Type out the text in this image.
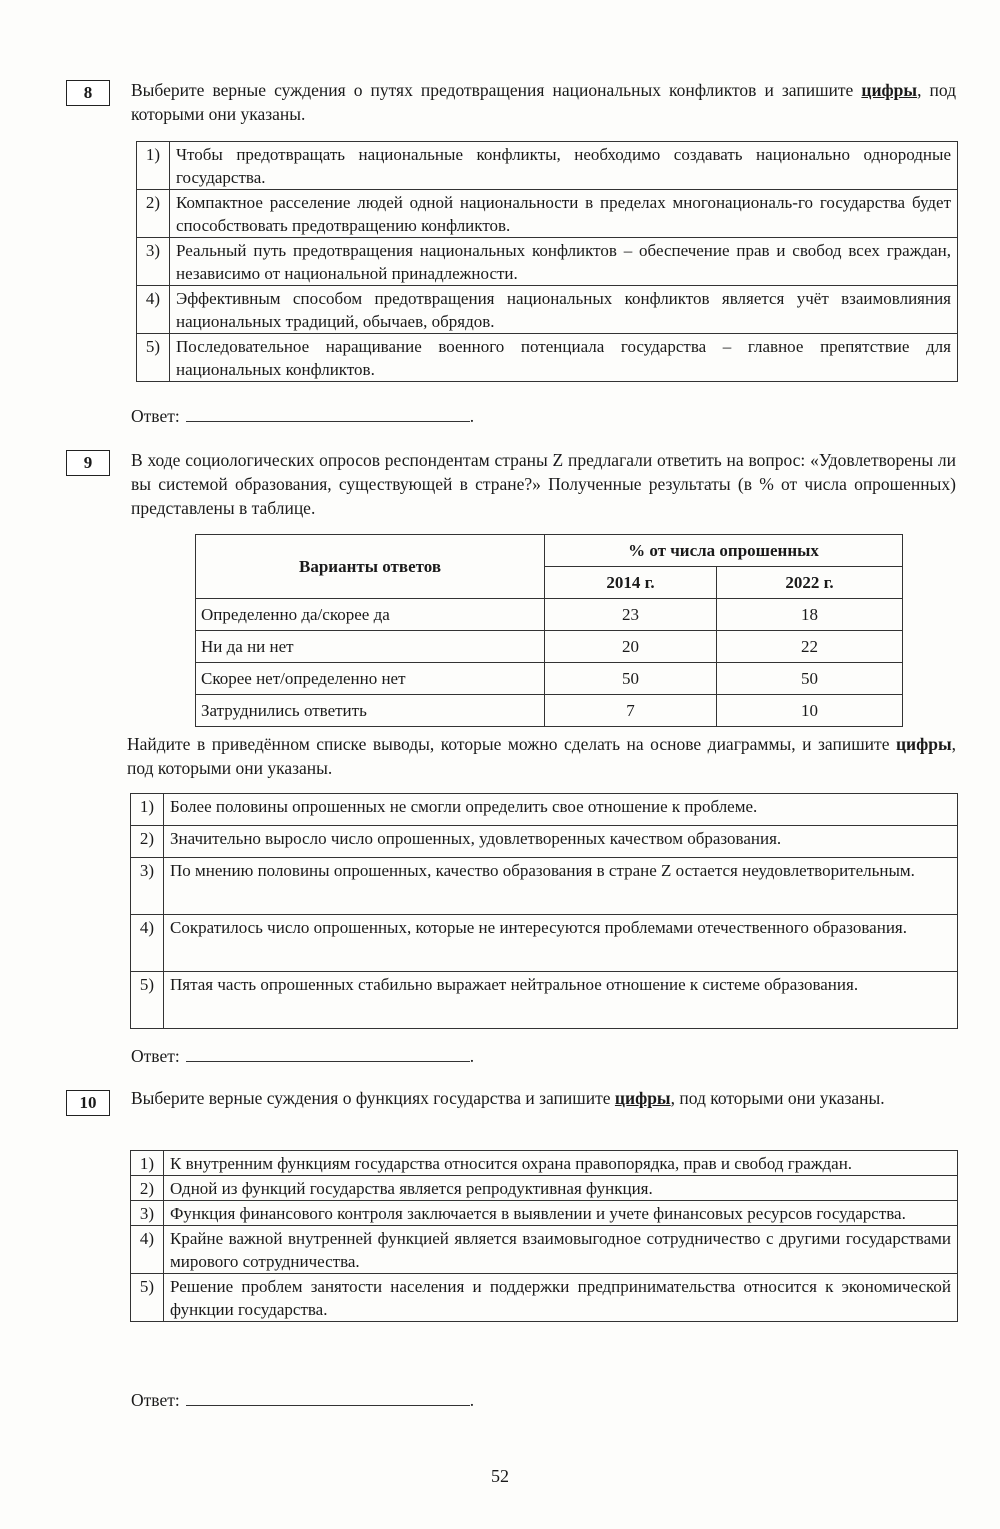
8 Выберите верные суждения о путях предотвращения национальных конфликтов и запишите цифры, под которыми они указаны.
1)	Чтобы предотвращать национальные конфликты, необходимо создавать национально однородные государства.
2)	Компактное расселение людей одной национальности в пределах многонациональ-го государства будет способствовать предотвращению конфликтов.
3)	Реальный путь предотвращения национальных конфликтов – обеспечение прав и свобод всех граждан, независимо от национальной принадлежности.
4)	Эффективным способом предотвращения национальных конфликтов является учёт взаимовлияния национальных традиций, обычаев, обрядов.
5)	Последовательное наращивание военного потенциала государства – главное препятствие для национальных конфликтов.
Ответ:	.
9 В ходе социологических опросов респондентам страны Z предлагали ответить на вопрос: «Удовлетворены ли вы системой образования, существующей в стране?» Полученные результаты (в % от числа опрошенных) представлены в таблице.
Варианты ответов	% от числа опрошенных	
	2014 г.	2022 г.
Определенно да/скорее да	23	18
Ни да ни нет	20	22
Скорее нет/определенно нет	50	50
Затруднились ответить	7	10
Найдите в приведённом списке выводы, которые можно сделать на основе диаграммы, и запишите цифры, под которыми они указаны.
1)	Более половины опрошенных не смогли определить свое отношение к проблеме.
2)	Значительно выросло число опрошенных, удовлетворенных качеством образования.
3)	По мнению половины опрошенных, качество образования в стране Z остается неудовлетворительным.
4)	Сократилось число опрошенных, которые не интересуются проблемами отечественного образования.
5)	Пятая часть опрошенных стабильно выражает нейтральное отношение к системе образования.
Ответ:	.
10 Выберите верные суждения о функциях государства и запишите цифры, под которыми они указаны.
1)	К внутренним функциям государства относится охрана правопорядка, прав и свобод граждан.
2)	Одной из функций государства является репродуктивная функция.
3)	Функция финансового контроля заключается в выявлении и учете финансовых ресурсов государства.
4)	Крайне важной внутренней функцией является взаимовыгодное сотрудничество с другими государствами мирового сотрудничества.
5)	Решение проблем занятости населения и поддержки предпринимательства относится к экономической функции государства.
Ответ:	.
52
